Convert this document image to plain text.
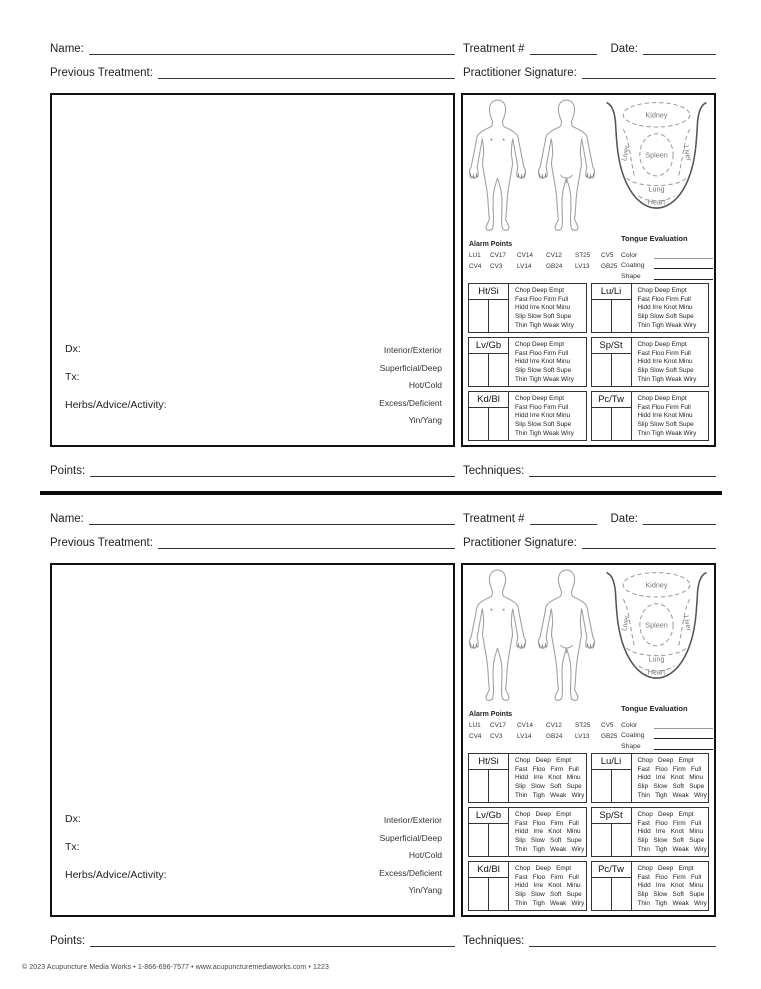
Name:	Treatment #	Date:
Previous Treatment:	Practitioner Signature:
Dx:
Tx:
Herbs/Advice/Activity:
Interior/Exterior
Superficial/Deep
Hot/Cold
Excess/Deficient
Yin/Yang
Kidney
Spleen
Lung
Heart
Liver	Liver
Alarm Points
LU1	CV17	CV14	CV12	ST25	CV5
CV4	CV3	LV14	GB24	LV13	GB25
Tongue Evaluation
Color
Coating
Shape
Ht/Si	Chop Deep Empt
Fast Floo Firm Full
Hidd Irre Knot Minu
Slip Slow Soft Supe
Thin Tigh Weak Wiry
Lu/Li	Chop Deep Empt
Fast Floo Firm Full
Hidd Irre Knot Minu
Slip Slow Soft Supe
Thin Tigh Weak Wiry
Lv/Gb	Chop Deep Empt
Fast Floo Firm Full
Hidd Irre Knot Minu
Slip Slow Soft Supe
Thin Tigh Weak Wiry
Sp/St	Chop Deep Empt
Fast Floo Firm Full
Hidd Irre Knot Minu
Slip Slow Soft Supe
Thin Tigh Weak Wiry
Kd/Bl	Chop Deep Empt
Fast Floo Firm Full
Hidd Irre Knot Minu
Slip Slow Soft Supe
Thin Tigh Weak Wiry
Pc/Tw	Chop Deep Empt
Fast Floo Firm Full
Hidd Irre Knot Minu
Slip Slow Soft Supe
Thin Tigh Weak Wiry
Points:	Techniques:
Name:	Treatment #	Date:
Previous Treatment:	Practitioner Signature:
Dx:
Tx:
Herbs/Advice/Activity:
Interior/Exterior
Superficial/Deep
Hot/Cold
Excess/Deficient
Yin/Yang
Kidney
Spleen
Lung
Heart
Liver	Liver
Alarm Points
LU1	CV17	CV14	CV12	ST25	CV5
CV4	CV3	LV14	GB24	LV13	GB25
Tongue Evaluation
Color
Coating
Shape
Ht/Si	Chop Deep Empt
Fast Floo Firm Full
Hidd Irre Knot Minu
Slip Slow Soft Supe
Thin Tigh Weak Wiry
Lu/Li	Chop Deep Empt
Fast Floo Firm Full
Hidd Irre Knot Minu
Slip Slow Soft Supe
Thin Tigh Weak Wiry
Lv/Gb	Chop Deep Empt
Fast Floo Firm Full
Hidd Irre Knot Minu
Slip Slow Soft Supe
Thin Tigh Weak Wiry
Sp/St	Chop Deep Empt
Fast Floo Firm Full
Hidd Irre Knot Minu
Slip Slow Soft Supe
Thin Tigh Weak Wiry
Kd/Bl	Chop Deep Empt
Fast Floo Firm Full
Hidd Irre Knot Minu
Slip Slow Soft Supe
Thin Tigh Weak Wiry
Pc/Tw	Chop Deep Empt
Fast Floo Firm Full
Hidd Irre Knot Minu
Slip Slow Soft Supe
Thin Tigh Weak Wiry
Points:	Techniques:
© 2023 Acupuncture Media Works • 1-866-696-7577 • www.acupuncturemediaworks.com • 1223
